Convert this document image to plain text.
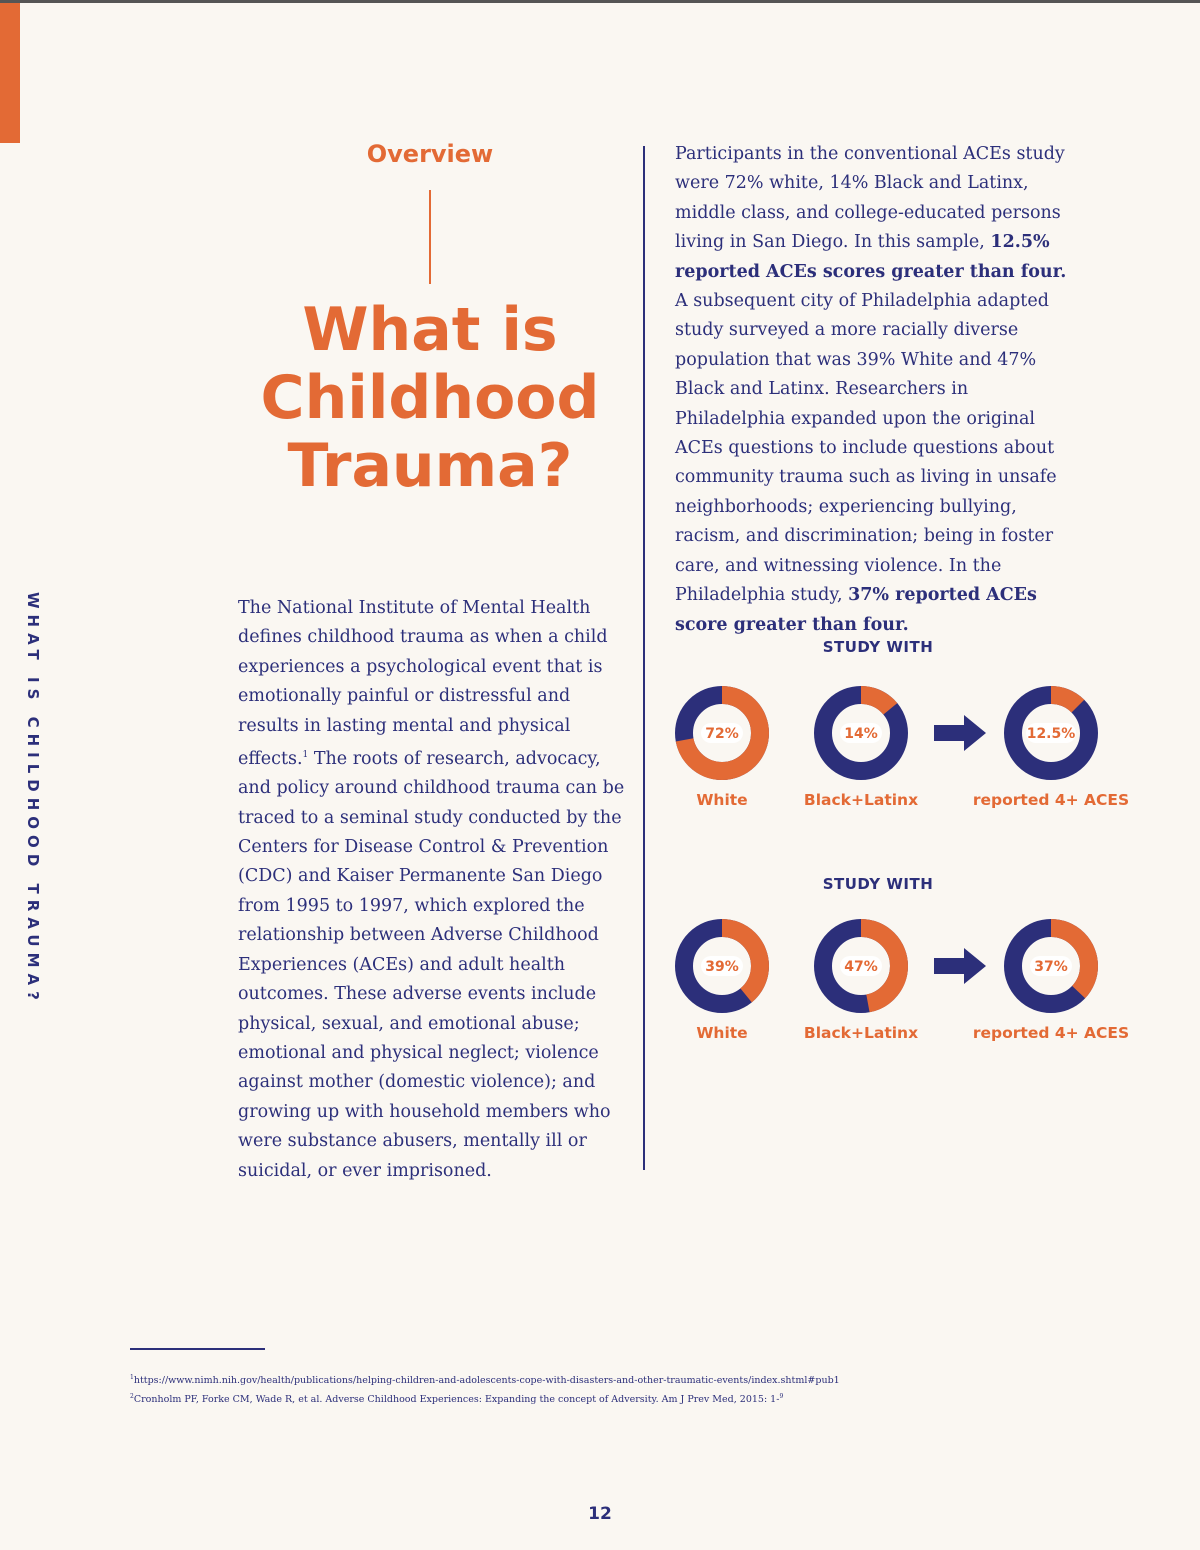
WHAT IS CHILDHOOD TRAUMA?
Overview
What is
Childhood
Trauma?

The National Institute of Mental Health defines childhood trauma as when a child experiences a psychological event that is emotionally painful or distressful and results in lasting mental and physical effects.$^1$ The roots of research, advocacy, and policy around childhood trauma can be traced to a seminal study conducted by the Centers for Disease Control & Prevention (CDC) and Kaiser Permanente San Diego from 1995 to 1997, which explored the relationship between Adverse Childhood Experiences (ACEs) and adult health outcomes. These adverse events include physical, sexual, and emotional abuse; emotional and physical neglect; violence against mother (domestic violence); and growing up with household members who were substance abusers, mentally ill or suicidal, or ever imprisoned.

Participants in the conventional ACEs study were 72% white, 14% Black and Latinx, middle class, and college-educated persons living in San Diego. In this sample, 12.5% reported ACEs scores greater than four. A subsequent city of Philadelphia adapted study surveyed a more racially diverse population that was 39% White and 47% Black and Latinx. Researchers in Philadelphia expanded upon the original ACEs questions to include questions about community trauma such as living in unsafe neighborhoods; experiencing bullying, racism, and discrimination; being in foster care, and witnessing violence. In the Philadelphia study, 37% reported ACEs score greater than four.

STUDY WITH
72%	14%	12.5%
White	Black+Latinx	reported 4+ ACES
STUDY WITH
39%	47%	37%
White	Black+Latinx	reported 4+ ACES
$^1$https://www.nimh.nih.gov/health/publications/helping-children-and-adolescents-cope-with-disasters-and-other-traumatic-events/index.shtml#pub1
$^2$Cronholm PF, Forke CM, Wade R, et al. Adverse Childhood Experiences: Expanding the concept of Adversity. Am J Prev Med, 2015: 1-$^9$
12
